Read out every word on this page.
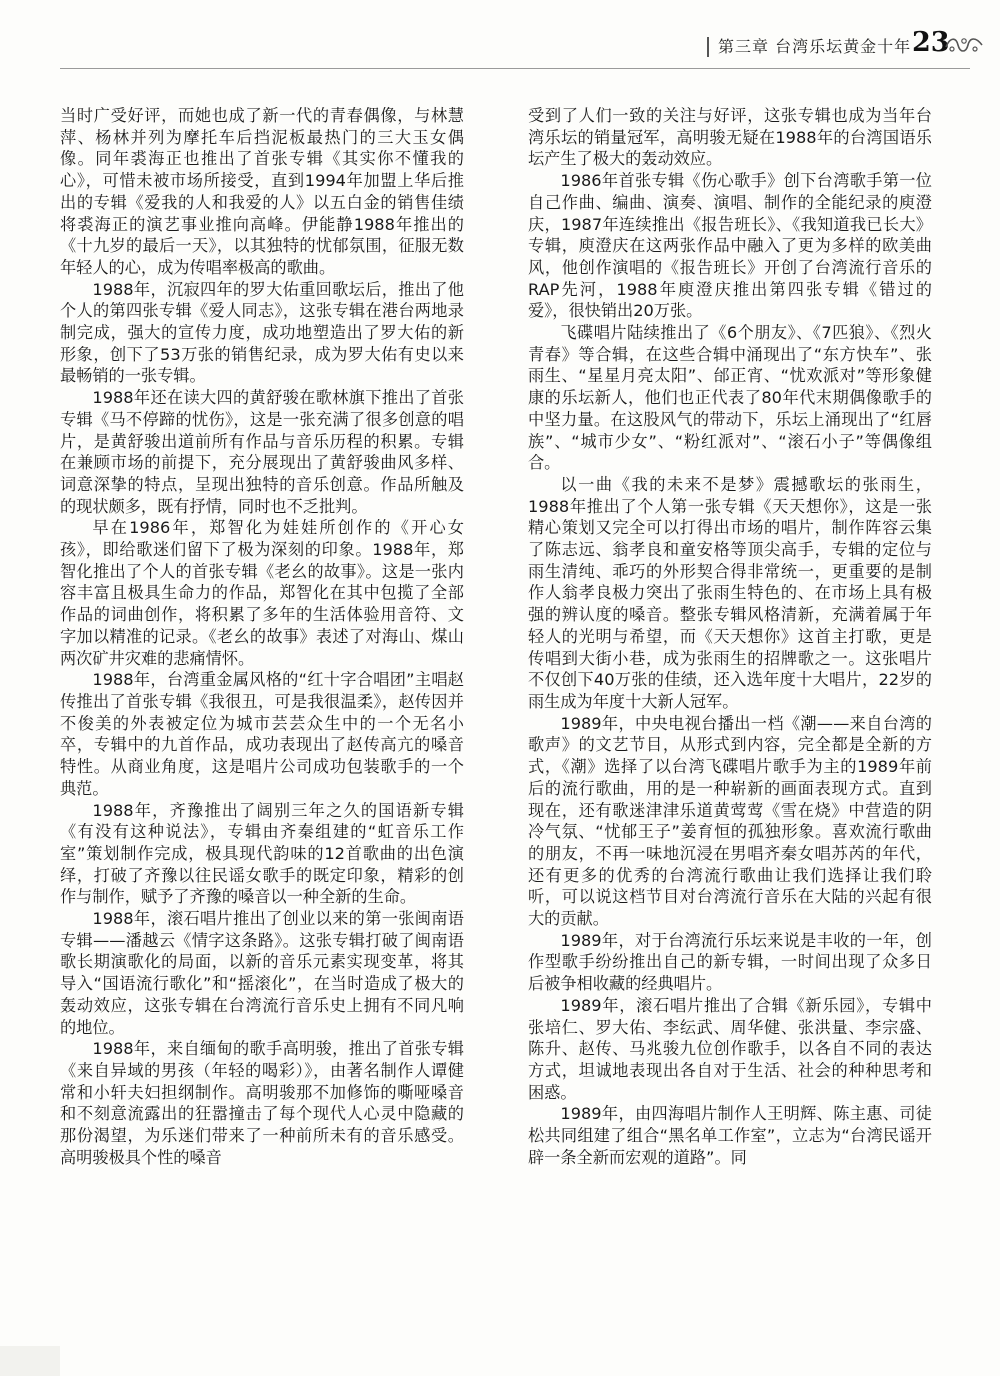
第三章 台湾乐坛黄金十年 23

当时广受好评，而她也成了新一代的青春偶像，与林慧萍、杨林并列为摩托车后挡泥板最热门的三大玉女偶像。同年裘海正也推出了首张专辑《其实你不懂我的心》，可惜未被市场所接受，直到1994年加盟上华后推出的专辑《爱我的人和我爱的人》以五白金的销售佳绩将裘海正的演艺事业推向高峰。伊能静1988年推出的《十九岁的最后一天》，以其独特的忧郁氛围，征服无数年轻人的心，成为传唱率极高的歌曲。

1988年，沉寂四年的罗大佑重回歌坛后，推出了他个人的第四张专辑《爱人同志》，这张专辑在港台两地录制完成，强大的宣传力度，成功地塑造出了罗大佑的新形象，创下了53万张的销售纪录，成为罗大佑有史以来最畅销的一张专辑。

1988年还在读大四的黄舒骏在歌林旗下推出了首张专辑《马不停蹄的忧伤》，这是一张充满了很多创意的唱片，是黄舒骏出道前所有作品与音乐历程的积累。专辑在兼顾市场的前提下，充分展现出了黄舒骏曲风多样、词意深挚的特点，呈现出独特的音乐创意。作品所触及的现状颇多，既有抒情，同时也不乏批判。

早在1986年，郑智化为娃娃所创作的《开心女孩》，即给歌迷们留下了极为深刻的印象。1988年，郑智化推出了个人的首张专辑《老幺的故事》。这是一张内容丰富且极具生命力的作品，郑智化在其中包揽了全部作品的词曲创作，将积累了多年的生活体验用音符、文字加以精准的记录。《老幺的故事》表述了对海山、煤山两次矿井灾难的悲痛情怀。

1988年，台湾重金属风格的“红十字合唱团”主唱赵传推出了首张专辑《我很丑，可是我很温柔》，赵传因并不俊美的外表被定位为城市芸芸众生中的一个无名小卒，专辑中的九首作品，成功表现出了赵传高亢的嗓音特性。从商业角度，这是唱片公司成功包装歌手的一个典范。

1988年，齐豫推出了阔别三年之久的国语新专辑《有没有这种说法》，专辑由齐秦组建的“虹音乐工作室”策划制作完成，极具现代韵味的12首歌曲的出色演绎，打破了齐豫以往民谣女歌手的既定印象，精彩的创作与制作，赋予了齐豫的嗓音以一种全新的生命。

1988年，滚石唱片推出了创业以来的第一张闽南语专辑——潘越云《情字这条路》。这张专辑打破了闽南语歌长期演歌化的局面，以新的音乐元素实现变革，将其导入“国语流行歌化”和“摇滚化”，在当时造成了极大的轰动效应，这张专辑在台湾流行音乐史上拥有不同凡响的地位。

1988年，来自缅甸的歌手高明骏，推出了首张专辑《来自异域的男孩（年轻的喝彩）》，由著名制作人谭健常和小轩夫妇担纲制作。高明骏那不加修饰的嘶哑嗓音和不刻意流露出的狂嚣撞击了每个现代人心灵中隐藏的那份渴望，为乐迷们带来了一种前所未有的音乐感受。高明骏极具个性的嗓音

受到了人们一致的关注与好评，这张专辑也成为当年台湾乐坛的销量冠军，高明骏无疑在1988年的台湾国语乐坛产生了极大的轰动效应。

1986年首张专辑《伤心歌手》创下台湾歌手第一位自己作曲、编曲、演奏、演唱、制作的全能纪录的庾澄庆，1987年连续推出《报告班长》、《我知道我已长大》专辑，庾澄庆在这两张作品中融入了更为多样的欧美曲风，他创作演唱的《报告班长》开创了台湾流行音乐的RAP先河，1988年庾澄庆推出第四张专辑《错过的爱》，很快销出20万张。

飞碟唱片陆续推出了《6个朋友》、《7匹狼》、《烈火青春》等合辑，在这些合辑中涌现出了“东方快车”、张雨生、“星星月亮太阳”、邰正宵、“忧欢派对”等形象健康的乐坛新人，他们也正代表了80年代末期偶像歌手的中坚力量。在这股风气的带动下，乐坛上涌现出了“红唇族”、“城市少女”、“粉红派对”、“滚石小子”等偶像组合。

以一曲《我的未来不是梦》震撼歌坛的张雨生，1988年推出了个人第一张专辑《天天想你》，这是一张精心策划又完全可以打得出市场的唱片，制作阵容云集了陈志远、翁孝良和童安格等顶尖高手，专辑的定位与雨生清纯、乖巧的外形契合得非常统一，更重要的是制作人翁孝良极力突出了张雨生特色的、在市场上具有极强的辨认度的嗓音。整张专辑风格清新，充满着属于年轻人的光明与希望，而《天天想你》这首主打歌，更是传唱到大街小巷，成为张雨生的招牌歌之一。这张唱片不仅创下40万张的佳绩，还入选年度十大唱片，22岁的雨生成为年度十大新人冠军。

1989年，中央电视台播出一档《潮——来自台湾的歌声》的文艺节目，从形式到内容，完全都是全新的方式，《潮》选择了以台湾飞碟唱片歌手为主的1989年前后的流行歌曲，用的是一种崭新的画面表现方式。直到现在，还有歌迷津津乐道黄莺莺《雪在烧》中营造的阴冷气氛、“忧郁王子”姜育恒的孤独形象。喜欢流行歌曲的朋友，不再一味地沉浸在男唱齐秦女唱苏芮的年代，还有更多的优秀的台湾流行歌曲让我们选择让我们聆听，可以说这档节目对台湾流行音乐在大陆的兴起有很大的贡献。

1989年，对于台湾流行乐坛来说是丰收的一年，创作型歌手纷纷推出自己的新专辑，一时间出现了众多日后被争相收藏的经典唱片。

1989年，滚石唱片推出了合辑《新乐园》，专辑中张培仁、罗大佑、李纭武、周华健、张洪量、李宗盛、陈升、赵传、马兆骏九位创作歌手，以各自不同的表达方式，坦诚地表现出各自对于生活、社会的种种思考和困惑。

1989年，由四海唱片制作人王明辉、陈主惠、司徒松共同组建了组合“黑名单工作室”，立志为“台湾民谣开辟一条全新而宏观的道路”。同
